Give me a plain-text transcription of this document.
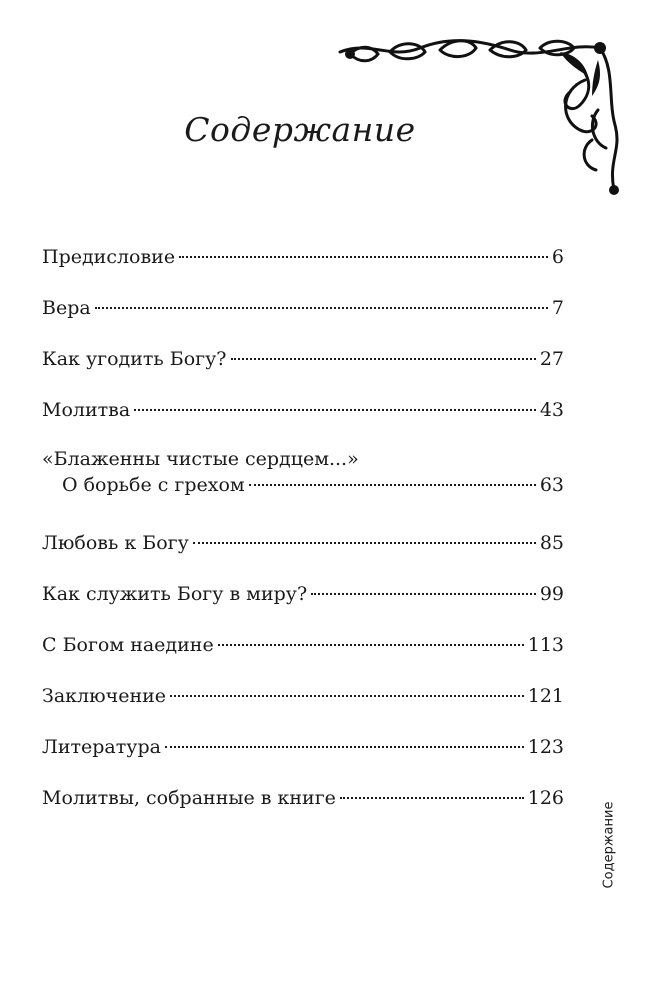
Содержание
Предисловие	6
Вера	7
Как угодить Богу?	27
Молитва	43
«Блаженны чистые сердцем...»
О борьбе с грехом	63
Любовь к Богу	85
Как служить Богу в миру?	99
С Богом наедине	113
Заключение	121
Литература	123
Молитвы, собранные в книге	126
Содержание
